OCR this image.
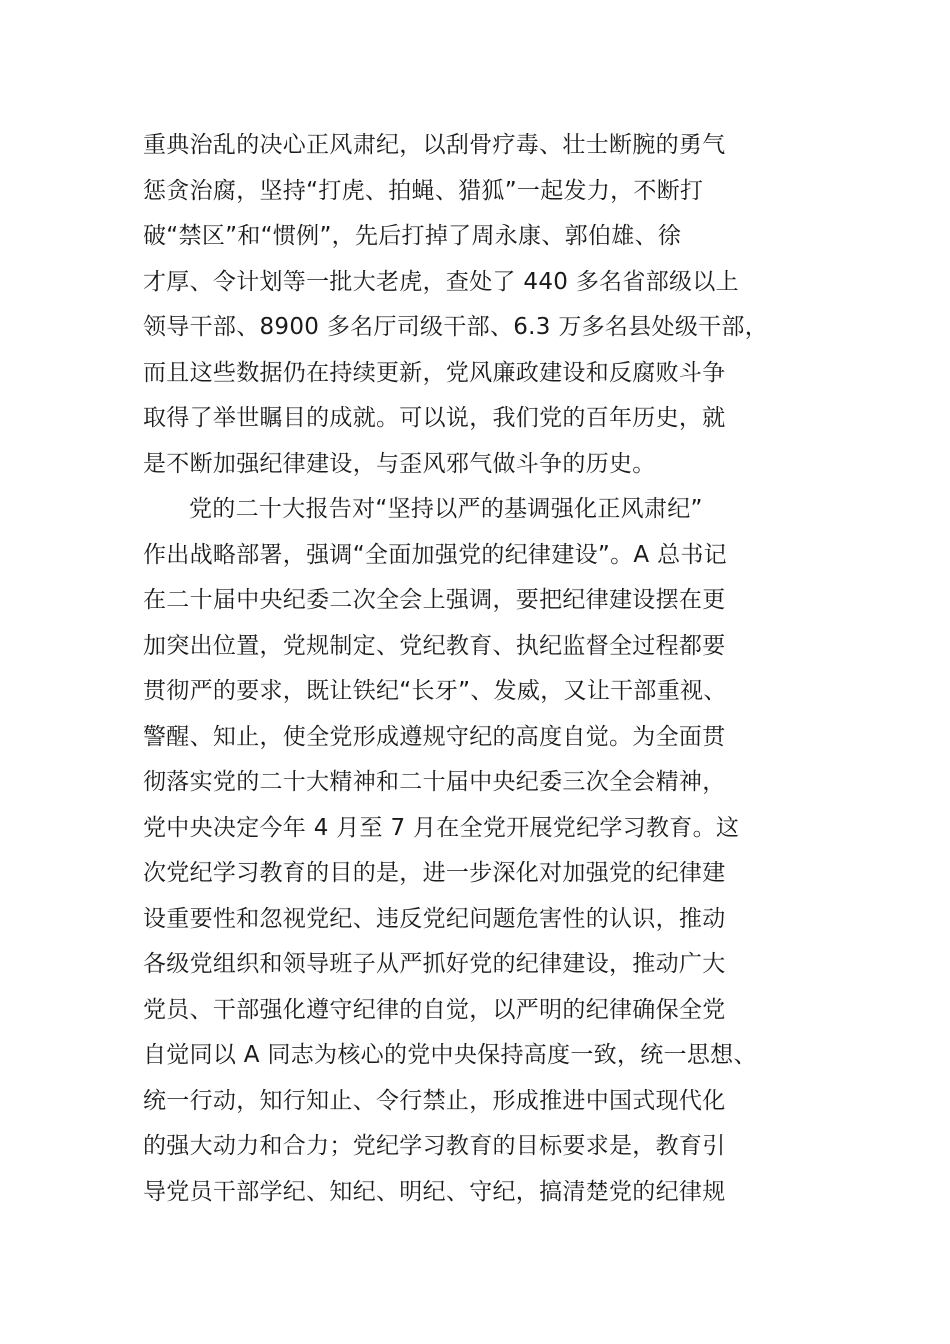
重典治乱的决心正风肃纪，以刮骨疗毒、壮士断腕的勇气
惩贪治腐，坚持“打虎、拍蝇、猎狐”一起发力，不断打
破“禁区”和“惯例”，先后打掉了周永康、郭伯雄、徐
才厚、令计划等一批大老虎，查处了 440 多名省部级以上
领导干部、8900 多名厅司级干部、6.3 万多名县处级干部，
而且这些数据仍在持续更新，党风廉政建设和反腐败斗争
取得了举世瞩目的成就。可以说，我们党的百年历史，就
是不断加强纪律建设，与歪风邪气做斗争的历史。
党的二十大报告对“坚持以严的基调强化正风肃纪”
作出战略部署，强调“全面加强党的纪律建设”。A 总书记
在二十届中央纪委二次全会上强调，要把纪律建设摆在更
加突出位置，党规制定、党纪教育、执纪监督全过程都要
贯彻严的要求，既让铁纪“长牙”、发威，又让干部重视、
警醒、知止，使全党形成遵规守纪的高度自觉。为全面贯
彻落实党的二十大精神和二十届中央纪委三次全会精神，
党中央决定今年 4 月至 7 月在全党开展党纪学习教育。这
次党纪学习教育的目的是，进一步深化对加强党的纪律建
设重要性和忽视党纪、违反党纪问题危害性的认识，推动
各级党组织和领导班子从严抓好党的纪律建设，推动广大
党员、干部强化遵守纪律的自觉，以严明的纪律确保全党
自觉同以 A 同志为核心的党中央保持高度一致，统一思想、
统一行动，知行知止、令行禁止，形成推进中国式现代化
的强大动力和合力；党纪学习教育的目标要求是，教育引
导党员干部学纪、知纪、明纪、守纪，搞清楚党的纪律规
